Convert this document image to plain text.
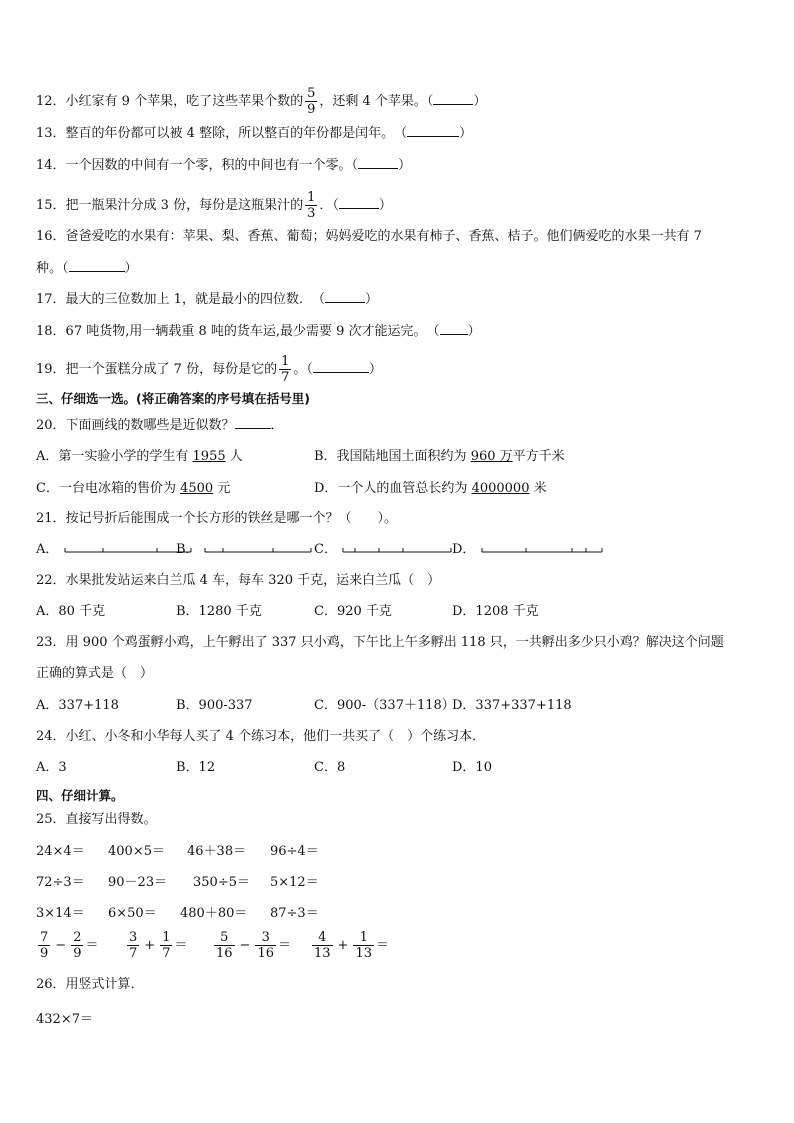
12．小红家有 9 个苹果，吃了这些苹果个数的 $\frac{5}{9}$ ，还剩 4 个苹果。（	）
13．整百的年份都可以被 4 整除，所以整百的年份都是闰年。　（	）
14．一个因数的中间有一个零，积的中间也有一个零。（	）
15．把一瓶果汁分成 3 份，每份是这瓶果汁的 $\frac{1}{3}$ ．（	）
16．爸爸爱吃的水果有：苹果、梨、香蕉、葡萄；妈妈爱吃的水果有柿子、香蕉、桔子。他们俩爱吃的水果一共有 7
种。（	）
17．最大的三位数加上 1，就是最小的四位数．　（	）
18．67 吨货物,用一辆载重 8 吨的货车运,最少需要 9 次才能运完。　（ ）
19．把一个蛋糕分成了 7 份，每份是它的 $\frac{1}{7}$ 。（	）
三、仔细选一选。(将正确答案的序号填在括号里)
20．下面画线的数哪些是近似数？	．
A．第一实验小学的学生有 1955 人	B．我国陆地国土面积约为 960 万平方千米
C．一台电冰箱的售价为 4500 元	D．一个人的血管总长约为 4000000 米
21．按记号折后能围成一个长方形的铁丝是哪一个？（　　）。
A．	B．	C．	D．
22．水果批发站运来白兰瓜 4 车，每车 320 千克，运来白兰瓜（　）
A．80 千克	B．1280 千克	C．920 千克	D．1208 千克
23．用 900 个鸡蛋孵小鸡，上午孵出了 337 只小鸡，下午比上午多孵出 118 只，一共孵出多少只小鸡？解决这个问题
正确的算式是（　）
A．337+118	B．900-337	C．900-（337＋118）
D．337+337+118
24．小红、小冬和小华每人买了 4 个练习本，他们一共买了（　）个练习本．
A．3	B．12	C．8	D．10
四、仔细计算。
25．直接写出得数。
24×4＝ 400×5＝ 46＋38＝ 96÷4＝
72÷3＝ 90－23＝ 350÷5＝ 5×12＝
3×14＝ 6×50＝ 480＋80＝ 87÷3＝
$\frac{7}{9} - \frac{2}{9} = \frac{3}{7} + \frac{1}{7} = \frac{5}{16} - \frac{3}{16} = \frac{4}{13} + \frac{1}{13}$ ＝
26．用竖式计算．
432×7＝
